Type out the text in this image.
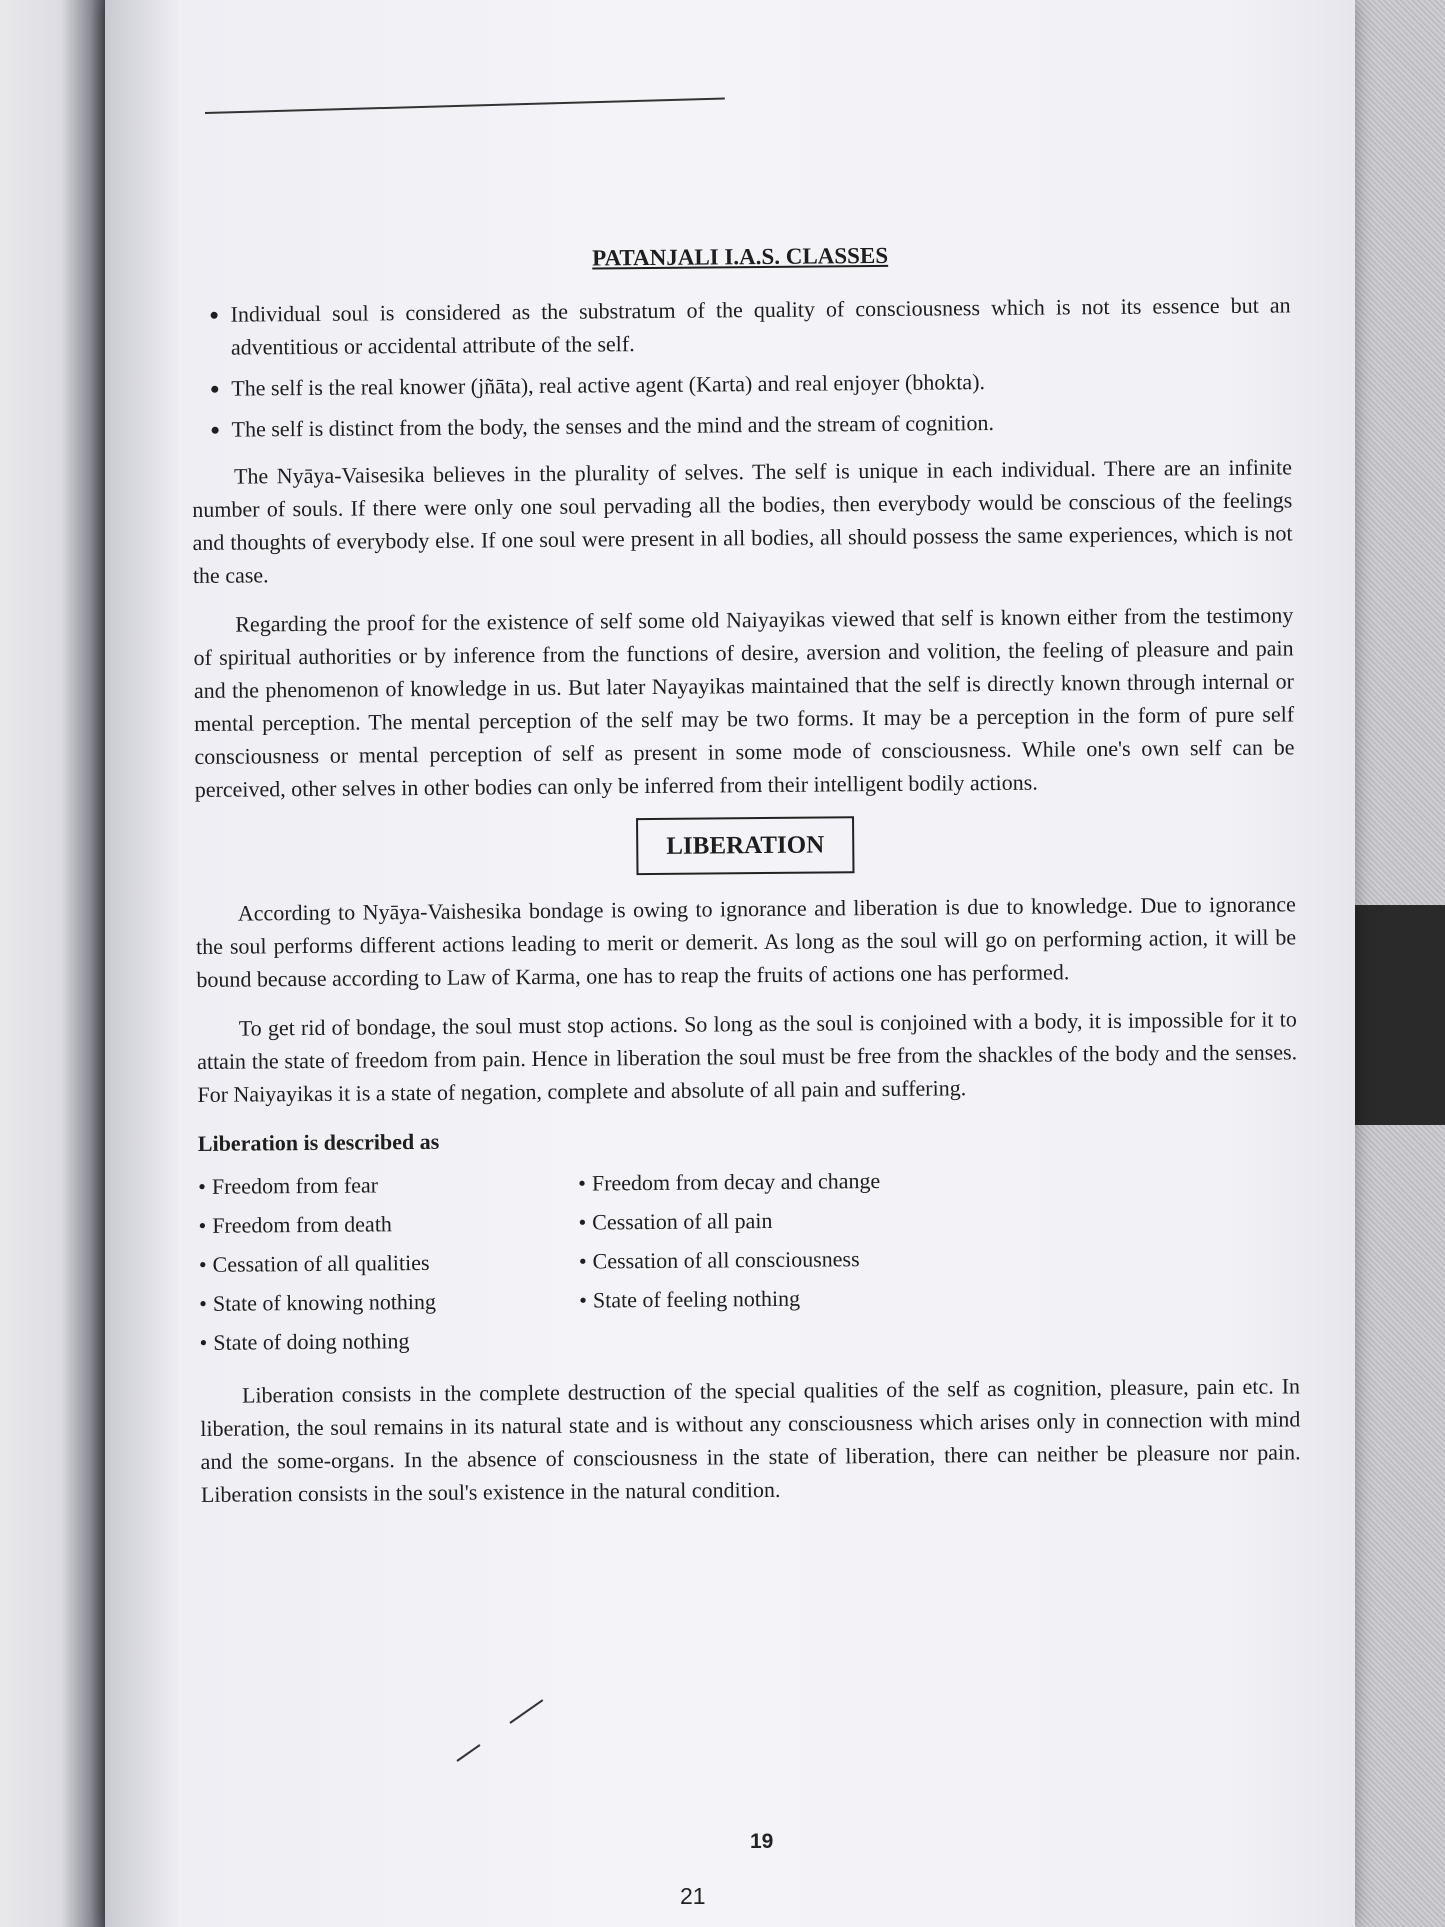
PATANJALI I.A.S. CLASSES
• Individual soul is considered as the substratum of the quality of consciousness which is not its essence but an adventitious or accidental attribute of the self.
• The self is the real knower (jñāta), real active agent (Karta) and real enjoyer (bhokta).
• The self is distinct from the body, the senses and the mind and the stream of cognition.

The Nyāya-Vaisesika believes in the plurality of selves. The self is unique in each individual. There are an infinite number of souls. If there were only one soul pervading all the bodies, then everybody would be conscious of the feelings and thoughts of everybody else. If one soul were present in all bodies, all should possess the same experiences, which is not the case.

Regarding the proof for the existence of self some old Naiyayikas viewed that self is known either from the testimony of spiritual authorities or by inference from the functions of desire, aversion and volition, the feeling of pleasure and pain and the phenomenon of knowledge in us. But later Nayayikas maintained that the self is directly known through internal or mental perception. The mental perception of the self may be two forms. It may be a perception in the form of pure self consciousness or mental perception of self as present in some mode of consciousness. While one's own self can be perceived, other selves in other bodies can only be inferred from their intelligent bodily actions.

LIBERATION

According to Nyāya-Vaishesika bondage is owing to ignorance and liberation is due to knowledge. Due to ignorance the soul performs different actions leading to merit or demerit. As long as the soul will go on performing action, it will be bound because according to Law of Karma, one has to reap the fruits of actions one has performed.

To get rid of bondage, the soul must stop actions. So long as the soul is conjoined with a body, it is impossible for it to attain the state of freedom from pain. Hence in liberation the soul must be free from the shackles of the body and the senses. For Naiyayikas it is a state of negation, complete and absolute of all pain and suffering.

Liberation is described as
• Freedom from fear
• Freedom from death
• Cessation of all qualities
• State of knowing nothing
• State of doing nothing
• Freedom from decay and change
• Cessation of all pain
• Cessation of all consciousness
• State of feeling nothing

Liberation consists in the complete destruction of the special qualities of the self as cognition, pleasure, pain etc. In liberation, the soul remains in its natural state and is without any consciousness which arises only in connection with mind and the some-organs. In the absence of consciousness in the state of liberation, there can neither be pleasure nor pain. Liberation consists in the soul's existence in the natural condition.

19
21
